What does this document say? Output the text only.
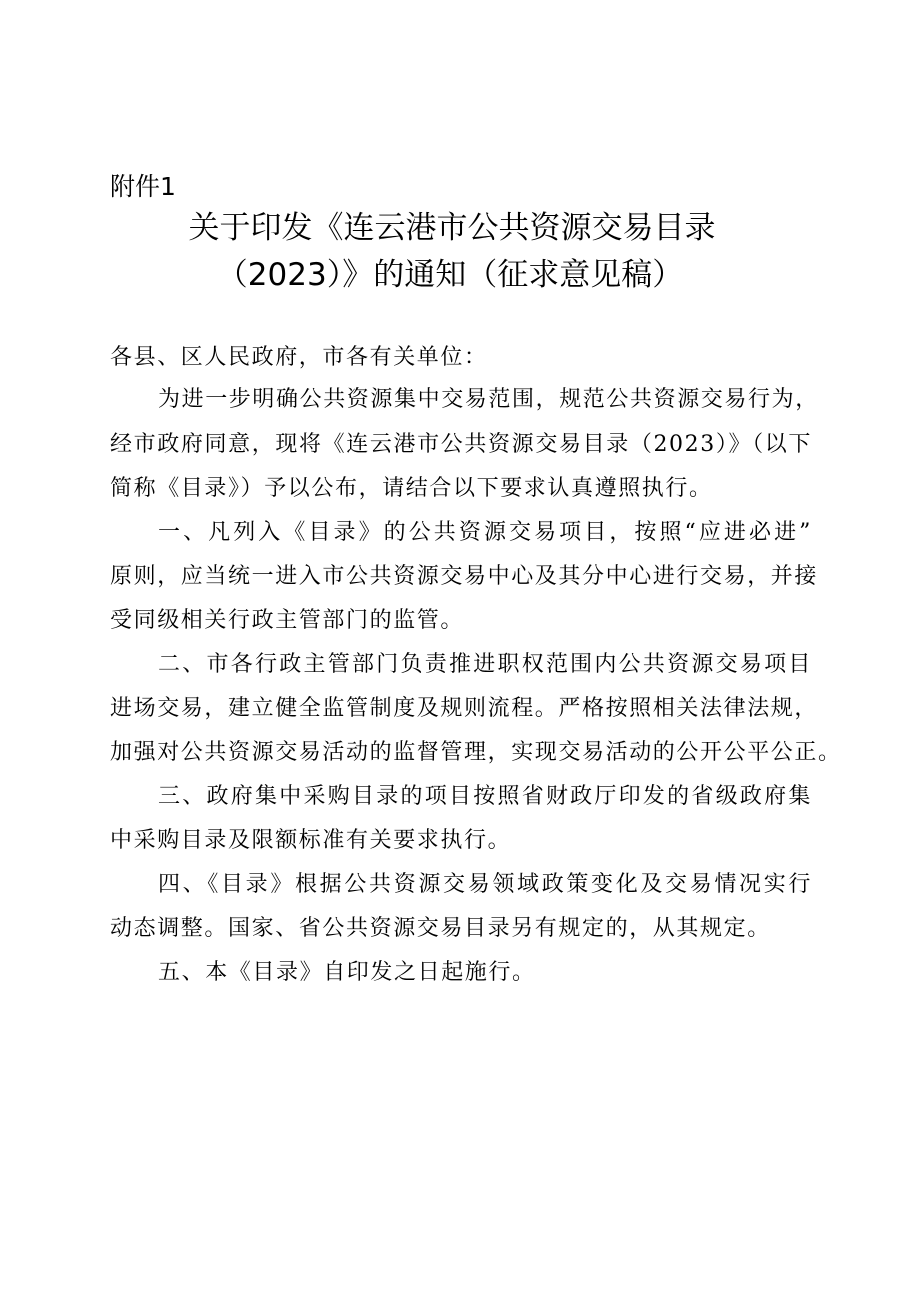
附件1
关于印发《连云港市公共资源交易目录
（2023）》的通知（征求意见稿）
各县、区人民政府，市各有关单位：
为进一步明确公共资源集中交易范围，规范公共资源交易行为，
经市政府同意，现将《连云港市公共资源交易目录（2023）》（以下
简称《目录》）予以公布，请结合以下要求认真遵照执行。
一、凡列入《目录》的公共资源交易项目，按照“应进必进”
原则，应当统一进入市公共资源交易中心及其分中心进行交易，并接
受同级相关行政主管部门的监管。
二、市各行政主管部门负责推进职权范围内公共资源交易项目
进场交易，建立健全监管制度及规则流程。严格按照相关法律法规，
加强对公共资源交易活动的监督管理，实现交易活动的公开公平公正。
三、政府集中采购目录的项目按照省财政厅印发的省级政府集
中采购目录及限额标准有关要求执行。
四、《目录》根据公共资源交易领域政策变化及交易情况实行
动态调整。国家、省公共资源交易目录另有规定的，从其规定。
五、本《目录》自印发之日起施行。
